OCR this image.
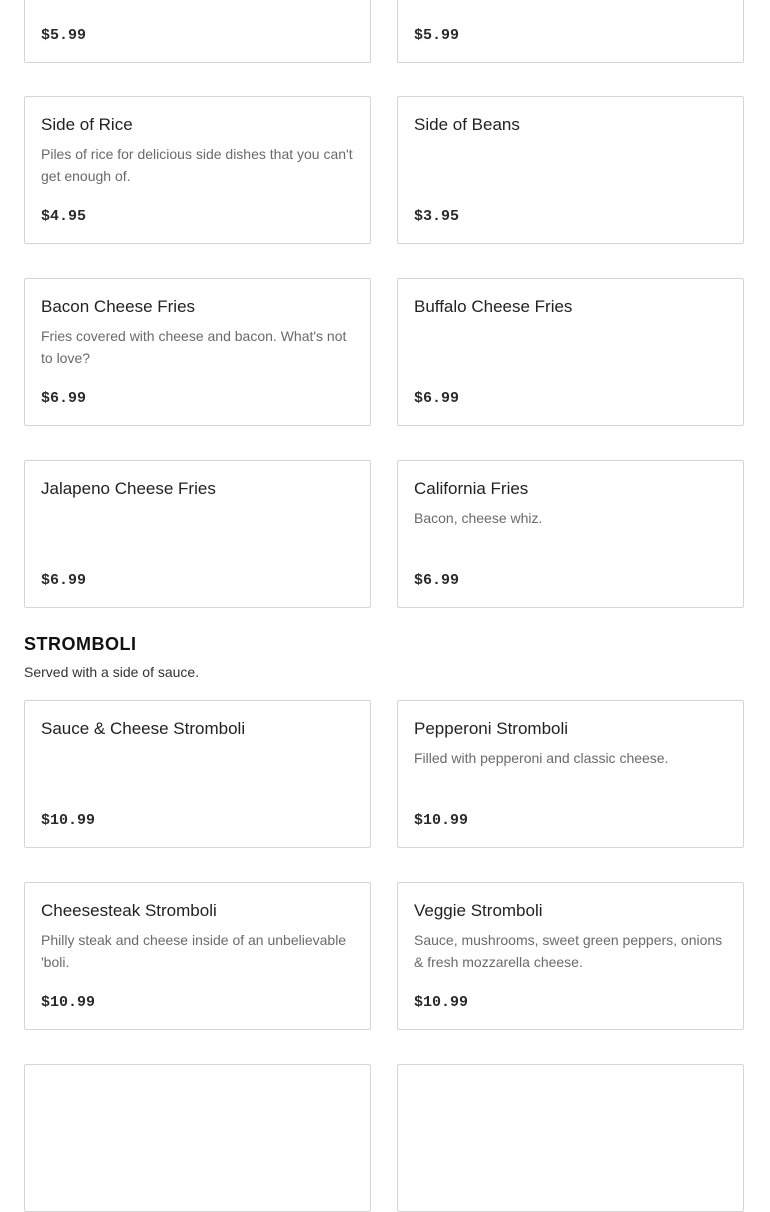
$5.99	$5.99
Side of Rice
Piles of rice for delicious side dishes that you can't get enough of.
$4.95
Side of Beans
$3.95
Bacon Cheese Fries
Fries covered with cheese and bacon. What's not to love?
$6.99
Buffalo Cheese Fries
$6.99
Jalapeno Cheese Fries
$6.99
California Fries
Bacon, cheese whiz.
$6.99
STROMBOLI
Served with a side of sauce.
Sauce & Cheese Stromboli
$10.99
Pepperoni Stromboli
Filled with pepperoni and classic cheese.
$10.99
Cheesesteak Stromboli
Philly steak and cheese inside of an unbelievable 'boli.
$10.99
Veggie Stromboli
Sauce, mushrooms, sweet green peppers, onions & fresh mozzarella cheese.
$10.99
